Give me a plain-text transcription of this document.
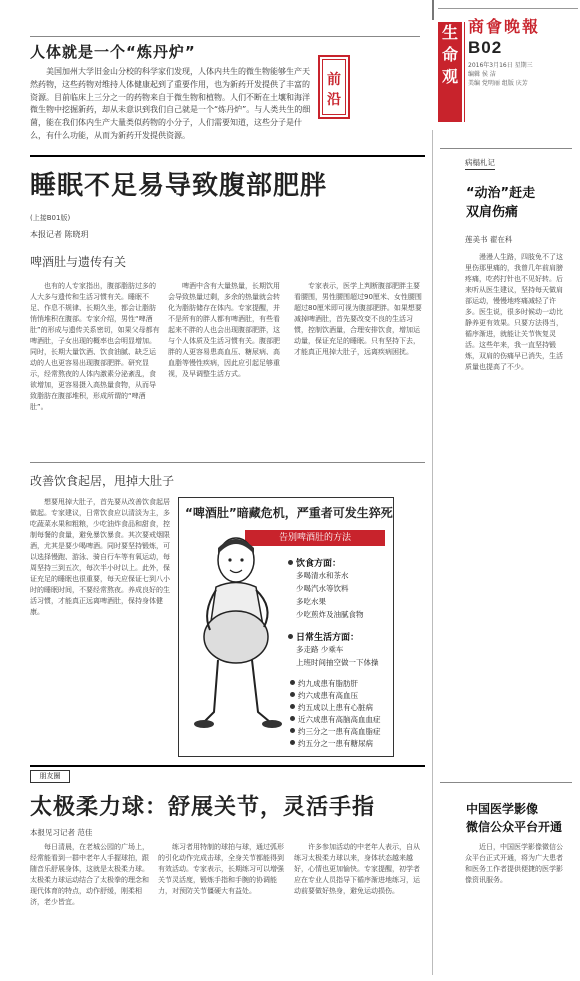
生
命
观
商會晚報
B02
2016年3月16日 星期三
编辑 侯 洁
美编 党明丽 组版 庆芳
人体就是一个“炼丹炉”
美国加州大学旧金山分校的科学家们发现，人体内共生的微生物能够生产天然药物，这些药物对维持人体健康起到了重要作用，也为新药开发提供了丰富的资源。目前临床上三分之一的药物来自于微生物和植物。人们不断在土壤和海洋微生物中挖掘新药，却从未意识到我们自己就是一个“炼丹炉”。与人类共生的细菌，能在我们体内生产大量类似药物的小分子，人们需要知道，这些分子是什么，有什么功能，从而为新药开发提供资源。
前
沿
睡眠不足易导致腹部肥胖
(上接B01版)
本报记者 陈晓玥
啤酒肚与遗传有关
也有的人专家指出，腹部脂肪过多的人大多与遗传和生活习惯有关。睡眠不足、作息不规律、长期久坐，都会让脂肪悄悄堆积在腹部。专家介绍，男性“啤酒肚”的形成与遗传关系密切，如果父母都有啤酒肚，子女出现的概率也会明显增加。同时，长期大量饮酒、饮食油腻、缺乏运动的人也更容易出现腹部肥胖。研究显示，经常熬夜的人体内激素分泌紊乱，食欲增加，更容易摄入高热量食物，从而导致脂肪在腹部堆积，形成所谓的“啤酒肚”。
啤酒中含有大量热量，长期饮用会导致热量过剩，多余的热量就会转化为脂肪储存在体内。专家提醒，并不是所有的胖人都有啤酒肚，有些看起来不胖的人也会出现腹部肥胖，这与个人体质及生活习惯有关。腹部肥胖的人更容易患高血压、糖尿病、高血脂等慢性疾病，因此应引起足够重视，及早调整生活方式。
专家表示，医学上判断腹部肥胖主要看腰围，男性腰围超过90厘米、女性腰围超过80厘米即可视为腹部肥胖。如果想要减掉啤酒肚，首先要改变不良的生活习惯，控制饮酒量，合理安排饮食，增加运动量，保证充足的睡眠。只有坚持下去，才能真正甩掉大肚子，远离疾病困扰。
改善饮食起居，甩掉大肚子
想要甩掉大肚子，首先要从改善饮食起居做起。专家建议，日常饮食应以清淡为主，多吃蔬菜水果和粗粮，少吃油炸食品和甜食，控制每餐的食量，避免暴饮暴食。其次要戒烟限酒，尤其是要少喝啤酒。同时要坚持锻炼，可以选择慢跑、游泳、骑自行车等有氧运动，每周坚持三到五次，每次半小时以上。此外，保证充足的睡眠也很重要，每天应保证七到八小时的睡眠时间，不要经常熬夜。养成良好的生活习惯，才能真正远离啤酒肚，保持身体健康。
“啤酒肚”暗藏危机，严重者可发生猝死
告别啤酒肚的方法
饮食方面：
多喝清水和茶水
少喝汽水等饮料
多吃水果
少吃煎炸及油腻食物
日常生活方面：
多走路 少乘车
上班时间抽空做一下体操
约九成患有脂肪肝
约六成患有高血压
约五成以上患有心脏病
近六成患有高脑高血血症
约三分之一患有高血脂症
约五分之一患有糖尿病
朋友圈
太极柔力球：舒展关节，灵活手指
本报见习记者 范佳
每日清晨，在老城公园的广场上，经常能看到一群中老年人手握球拍，跟随音乐舒展身体，这就是太极柔力球。太极柔力球运动结合了太极拳的理念和现代体育的特点，动作舒缓，刚柔相济，老少皆宜。
练习者用特制的球拍与球，通过弧形的引化动作完成击球，全身关节都能得到有效活动。专家表示，长期练习可以增强关节灵活度，锻炼手指和手腕的协调能力，对预防关节僵硬大有益处。
许多参加活动的中老年人表示，自从练习太极柔力球以来，身体状态越来越好，心情也更加愉快。专家提醒，初学者应在专业人员指导下循序渐进地练习，运动前要做好热身，避免运动损伤。
病榻札记
“动治”赶走
双肩伤痛
莲美书 翟在科
漫漫人生路，四肢免不了这里伤那里痛的，我曾几年前肩膀疼痛，吃药打针也不见好转。后来听从医生建议，坚持每天做肩部运动，慢慢地疼痛减轻了许多。医生说，很多时候动一动比静养更有效果。只要方法得当，循序渐进，就能让关节恢复灵活。这些年来，我一直坚持锻炼，双肩的伤痛早已消失，生活质量也提高了不少。
中国医学影像
微信公众平台开通
近日，中国医学影像微信公众平台正式开通，将为广大患者和医务工作者提供便捷的医学影像资讯服务。
